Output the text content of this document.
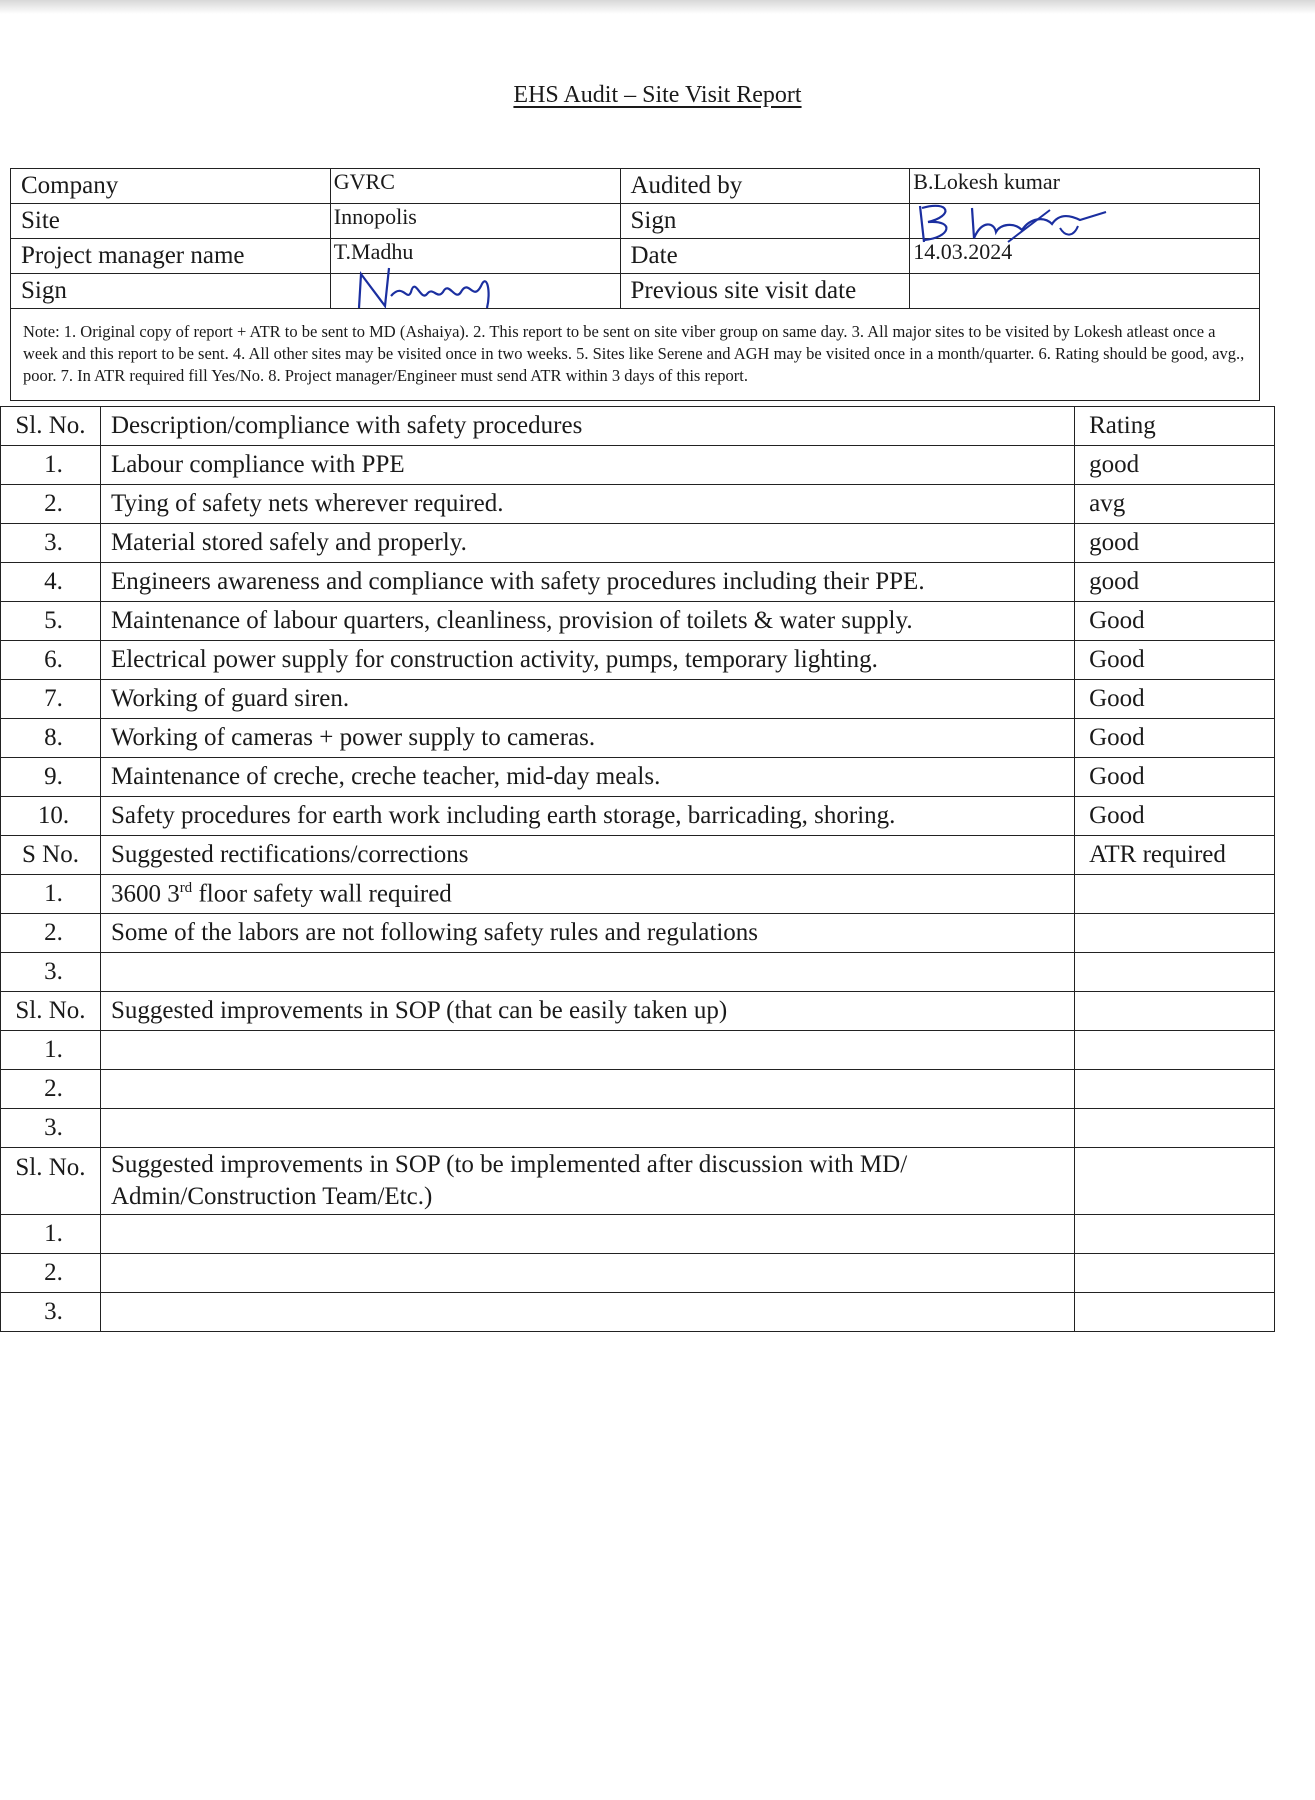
EHS Audit – Site Visit Report
Company	GVRC	Audited by	B.Lokesh kumar
Site	Innopolis	Sign	

Project manager name	T.Madhu	Date	14.03.2024
Sign		Previous site visit date	
Note: 1. Original copy of report + ATR to be sent to MD (Ashaiya). 2. This report to be sent on site viber group on same day. 3. All major sites to be visited by Lokesh atleast once a week and this report to be sent. 4. All other sites may be visited once in two weeks. 5. Sites like Serene and AGH may be visited once in a month/quarter. 6. Rating should be good, avg., poor. 7. In ATR required fill Yes/No. 8. Project manager/Engineer must send ATR within 3 days of this report.			
Sl. No.	Description/compliance with safety procedures	Rating
1.	Labour compliance with PPE	good
2.	Tying of safety nets wherever required.	avg
3.	Material stored safely and properly.	good
4.	Engineers awareness and compliance with safety procedures including their PPE.	good
5.	Maintenance of labour quarters, cleanliness, provision of toilets & water supply.	Good
6.	Electrical power supply for construction activity, pumps, temporary lighting.	Good
7.	Working of guard siren.	Good
8.	Working of cameras + power supply to cameras.	Good
9.	Maintenance of creche, creche teacher, mid-day meals.	Good
10.	Safety procedures for earth work including earth storage, barricading, shoring.	Good
S No.	Suggested rectifications/corrections	ATR required
1.	3600 3rd floor safety wall required	
2.	Some of the labors are not following safety rules and regulations	
3.		
Sl. No.	Suggested improvements in SOP (that can be easily taken up)	
1.		
2.		
3.		
Sl. No.	Suggested improvements in SOP (to be implemented after discussion with MD/ Admin/Construction Team/Etc.)	
1.		
2.		
3.		
